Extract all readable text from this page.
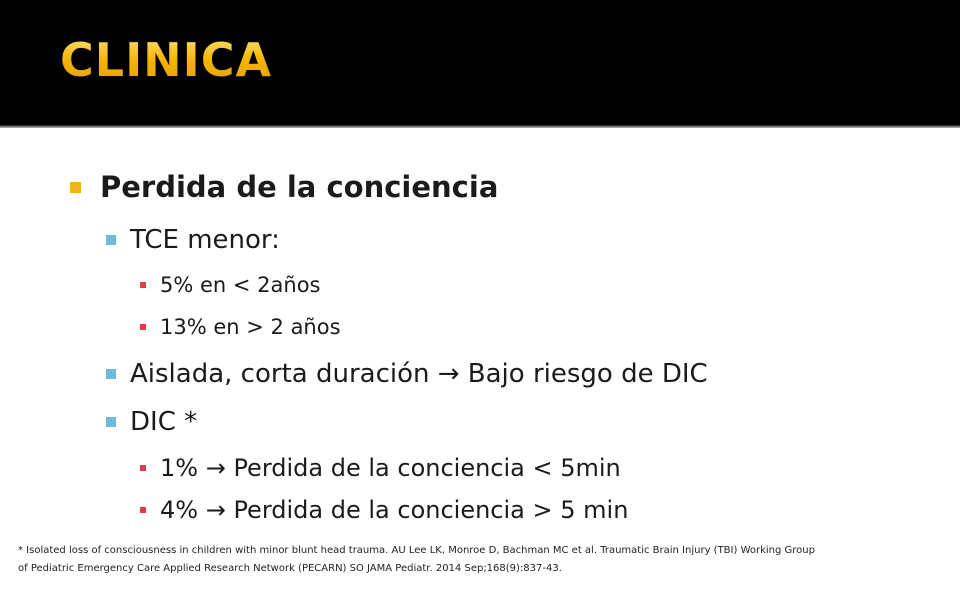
CLINICA
Perdida de la conciencia
TCE menor:
5% en < 2años
13% en > 2 años
Aislada, corta duración → Bajo riesgo de DIC
DIC *
1% → Perdida de la conciencia < 5min
4% → Perdida de la conciencia > 5 min

* Isolated loss of consciousness in children with minor blunt head trauma. AU Lee LK, Monroe D, Bachman MC et al. Traumatic Brain Injury (TBI) Working Group
of Pediatric Emergency Care Applied Research Network (PECARN) SO JAMA Pediatr. 2014 Sep;168(9):837-43.
